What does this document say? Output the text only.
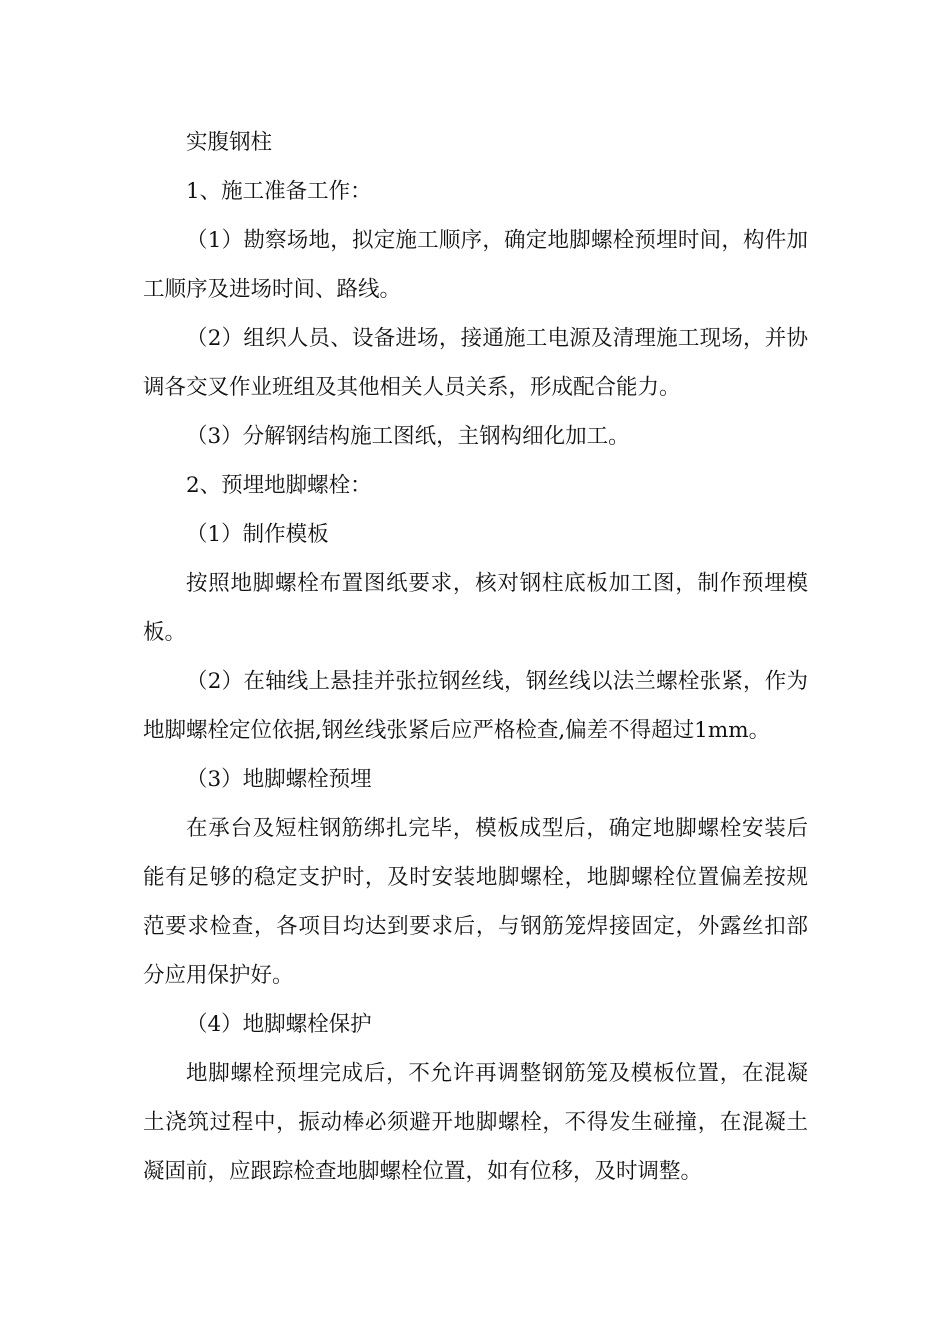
实腹钢柱

1、施工准备工作：

（1）勘察场地，拟定施工顺序，确定地脚螺栓预埋时间，构件加工顺序及进场时间、路线。

（2）组织人员、设备进场，接通施工电源及清理施工现场，并协调各交叉作业班组及其他相关人员关系，形成配合能力。

（3）分解钢结构施工图纸，主钢构细化加工。

2、预埋地脚螺栓：

（1）制作模板

按照地脚螺栓布置图纸要求，核对钢柱底板加工图，制作预埋模板。

（2）在轴线上悬挂并张拉钢丝线，钢丝线以法兰螺栓张紧，作为地脚螺栓定位依据,钢丝线张紧后应严格检查,偏差不得超过1mm。

（3）地脚螺栓预埋

在承台及短柱钢筋绑扎完毕，模板成型后，确定地脚螺栓安装后能有足够的稳定支护时，及时安装地脚螺栓，地脚螺栓位置偏差按规范要求检查，各项目均达到要求后，与钢筋笼焊接固定，外露丝扣部分应用保护好。

（4）地脚螺栓保护

地脚螺栓预埋完成后，不允许再调整钢筋笼及模板位置，在混凝土浇筑过程中，振动棒必须避开地脚螺栓，不得发生碰撞，在混凝土凝固前，应跟踪检查地脚螺栓位置，如有位移，及时调整。
